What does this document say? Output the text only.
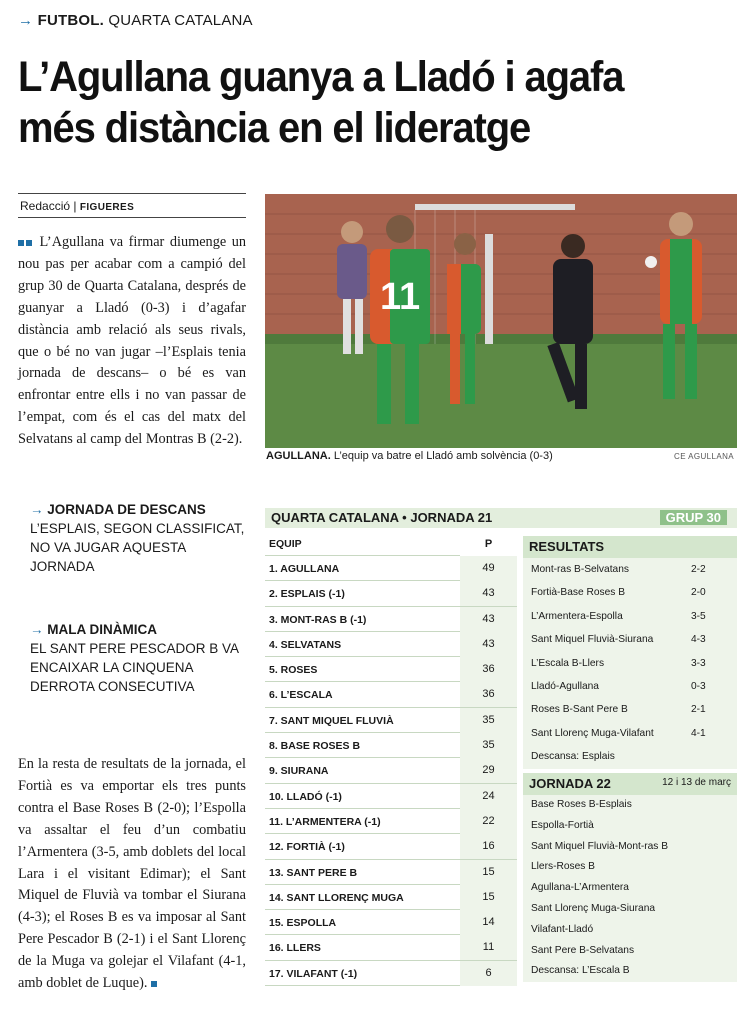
→ FUTBOL. QUARTA CATALANA
L’Agullana guanya a Lladó i agafa
més distància en el lideratge
Redacció | FIGUERES
L’Agullana va firmar diumenge un nou pas per acabar com a campió del grup 30 de Quarta Catalana, després de guanyar a Lladó (0-3) i d’agafar distància amb relació als seus rivals, que o bé no van jugar –l’Esplais tenia jornada de descans– o bé es van enfrontar entre ells i no van passar de l’empat, com és el cas del matx del Selvatans al camp del Montras B (2-2).
11
AGULLANA. L’equip va batre el Lladó amb solvència (0-3)	CE AGULLANA
→ JORNADA DE DESCANS
L’ESPLAIS, SEGON CLASSIFICAT, NO VA JUGAR AQUESTA JORNADA
→ MALA DINÀMICA
EL SANT PERE PESCADOR B VA ENCAIXAR LA CINQUENA DERROTA CONSECUTIVA
En la resta de resultats de la jornada, el Fortià es va emportar els tres punts contra el Base Roses B (2-0); l’Espolla va assaltar el feu d’un combatiu l’Armentera (3-5, amb doblets del local Lara i el visitant Edimar); el Sant Miquel de Fluvià va tombar el Siurana (4-3); el Roses B es va imposar al Sant Pere Pescador B (2-1) i el Sant Llorenç de la Muga va golejar el Vilafant (4-1, amb doblet de Luque).
QUARTA CATALANA • JORNADA 21	GRUP 30
EQUIP	P
1. AGULLANA	49
2. ESPLAIS (-1)	43
3. MONT-RAS B (-1)	43
4. SELVATANS	43
5. ROSES	36
6. L’ESCALA	36
7. SANT MIQUEL FLUVIÀ	35
8. BASE ROSES B	35
9. SIURANA	29
10. LLADÓ (-1)	24
11. L’ARMENTERA (-1)	22
12. FORTIÀ (-1)	16
13. SANT PERE B	15
14. SANT LLORENÇ MUGA	15
15. ESPOLLA	14
16. LLERS	11
17. VILAFANT (-1)	6
RESULTATS
Mont-ras B-Selvatans	2-2
Fortià-Base Roses B	2-0
L’Armentera-Espolla	3-5
Sant Miquel Fluvià-Siurana	4-3
L’Escala B-Llers	3-3
Lladó-Agullana	0-3
Roses B-Sant Pere B	2-1
Sant Llorenç Muga-Vilafant	4-1
Descansa: Esplais
JORNADA 22	12 i 13 de març
Base Roses B-Esplais
Espolla-Fortià
Sant Miquel Fluvià-Mont-ras B
Llers-Roses B
Agullana-L’Armentera
Sant Llorenç Muga-Siurana
Vilafant-Lladó
Sant Pere B-Selvatans
Descansa: L’Escala B
